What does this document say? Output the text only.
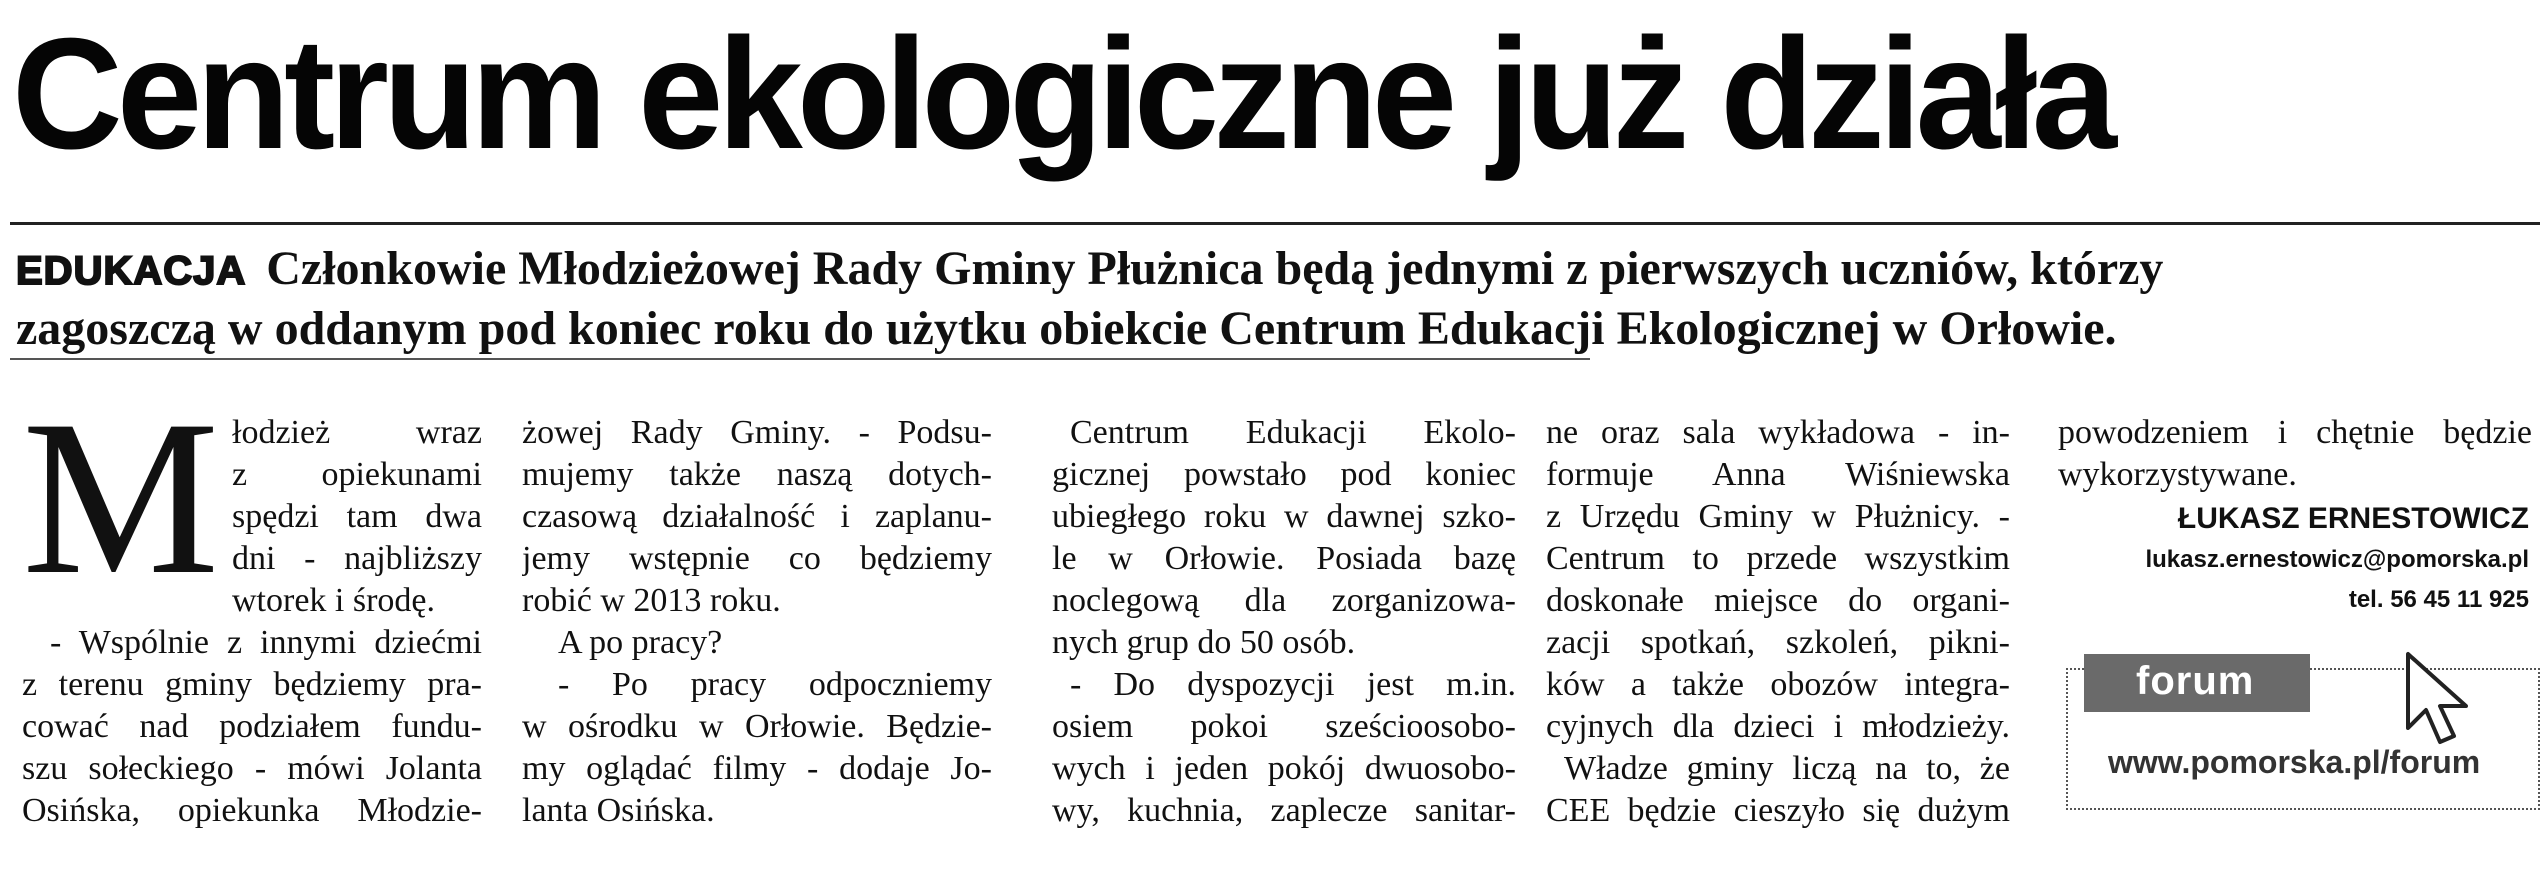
Centrum ekologiczne już działa
EDUKACJA Członkowie Młodzieżowej Rady Gminy Płużnica będą jednymi z pierwszych uczniów, którzy
zagoszczą w oddanym pod koniec roku do użytku obiekcie Centrum Edukacji Ekologicznej w Orłowie.
M łodzież wraz
z opiekunami
spędzi tam dwa
dni - najbliższy
wtorek i środę.
- Wspólnie z innymi dziećmi
z terenu gminy będziemy pra-
cować nad podziałem fundu-
szu sołeckiego - mówi Jolanta
Osińska, opiekunka Młodzie-
żowej Rady Gminy. - Podsu-
mujemy także naszą dotych-
czasową działalność i zaplanu-
jemy wstępnie co będziemy
robić w 2013 roku.
A po pracy?
- Po pracy odpoczniemy
w ośrodku w Orłowie. Będzie-
my oglądać filmy - dodaje Jo-
lanta Osińska.
Centrum Edukacji Ekolo-
gicznej powstało pod koniec
ubiegłego roku w dawnej szko-
le w Orłowie. Posiada bazę
noclegową dla zorganizowa-
nych grup do 50 osób.
- Do dyspozycji jest m.in.
osiem pokoi sześcioosobo-
wych i jeden pokój dwuosobo-
wy, kuchnia, zaplecze sanitar-
ne oraz sala wykładowa - in-
formuje Anna Wiśniewska
z Urzędu Gminy w Płużnicy. -
Centrum to przede wszystkim
doskonałe miejsce do organi-
zacji spotkań, szkoleń, pikni-
ków a także obozów integra-
cyjnych dla dzieci i młodzieży.
Władze gminy liczą na to, że
CEE będzie cieszyło się dużym
powodzeniem i chętnie będzie
wykorzystywane.
ŁUKASZ ERNESTOWICZ
lukasz.ernestowicz@pomorska.pl
tel. 56 45 11 925
forum
www.pomorska.pl/forum
